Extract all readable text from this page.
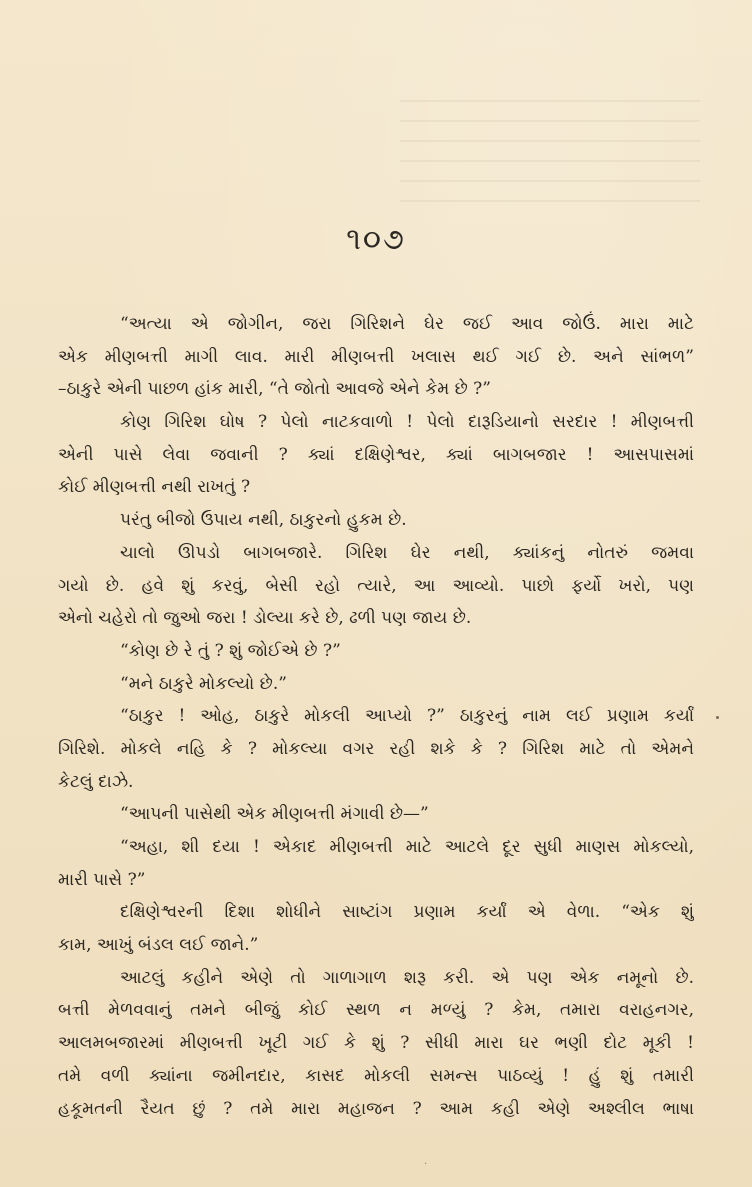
૧૦૭
“અત્યા એ જોગીન, જરા ગિરિશને ઘેર જઈ આવ જોઉં. મારા માટે
એક મીણબત્તી માગી લાવ. મારી મીણબત્તી ખલાસ થઈ ગઈ છે. અને સાંભળ”
–ઠાકુરે એની પાછળ હાંક મારી, “તે જોતો આવજે એને કેમ છે ?”
કોણ ગિરિશ ઘોષ ? પેલો નાટકવાળો ! પેલો દારૂડિયાનો સરદાર ! મીણબત્તી
એની પાસે લેવા જવાની ? ક્યાં દક્ષિણેશ્વર, ક્યાં બાગબજાર ! આસપાસમાં
કોઈ મીણબત્તી નથી રાખતું ?
પરંતુ બીજો ઉપાય નથી, ઠાકુરનો હુકમ છે.
ચાલો ઊપડો બાગબજારે. ગિરિશ ઘેર નથી, ક્યાંકનું નોતરું જમવા
ગયો છે. હવે શું કરવું, બેસી રહો ત્યારે, આ આવ્યો. પાછો ફર્યો ખરો, પણ
એનો ચહેરો તો જુઓ જરા ! ડોલ્યા કરે છે, ઢળી પણ જાય છે.
“કોણ છે રે તું ? શું જોઈએ છે ?”
“મને ઠાકુરે મોકલ્યો છે.”
“ઠાકુર ! ઓહ, ઠાકુરે મોકલી આપ્યો ?” ઠાકુરનું નામ લઈ પ્રણામ કર્યાં
ગિરિશે. મોકલે નહિ કે ? મોકલ્યા વગર રહી શકે કે ? ગિરિશ માટે તો એમને
કેટલું દાઝે.
“આપની પાસેથી એક મીણબત્તી મંગાવી છે—”
“અહા, શી દયા ! એકાદ મીણબત્તી માટે આટલે દૂર સુધી માણસ મોકલ્યો,
મારી પાસે ?”
દક્ષિણેશ્વરની દિશા શોધીને સાષ્ટાંગ પ્રણામ કર્યાં એ વેળા. “એક શું
કામ, આખું બંડલ લઈ જાને.”
આટલું કહીને એણે તો ગાળાગાળ શરૂ કરી. એ પણ એક નમૂનો છે.
બત્તી મેળવવાનું તમને બીજું કોઈ સ્થળ ન મળ્યું ? કેમ, તમારા વરાહનગર,
આલમબજારમાં મીણબત્તી ખૂટી ગઈ કે શું ? સીધી મારા ઘર ભણી દોટ મૂકી !
તમે વળી ક્યાંના જમીનદાર, કાસદ મોકલી સમન્સ પાઠવ્યું ! હું શું તમારી
હકૂમતની રૈયત છું ? તમે મારા મહાજન ? આમ કહી એણે અશ્લીલ ભાષા
·
